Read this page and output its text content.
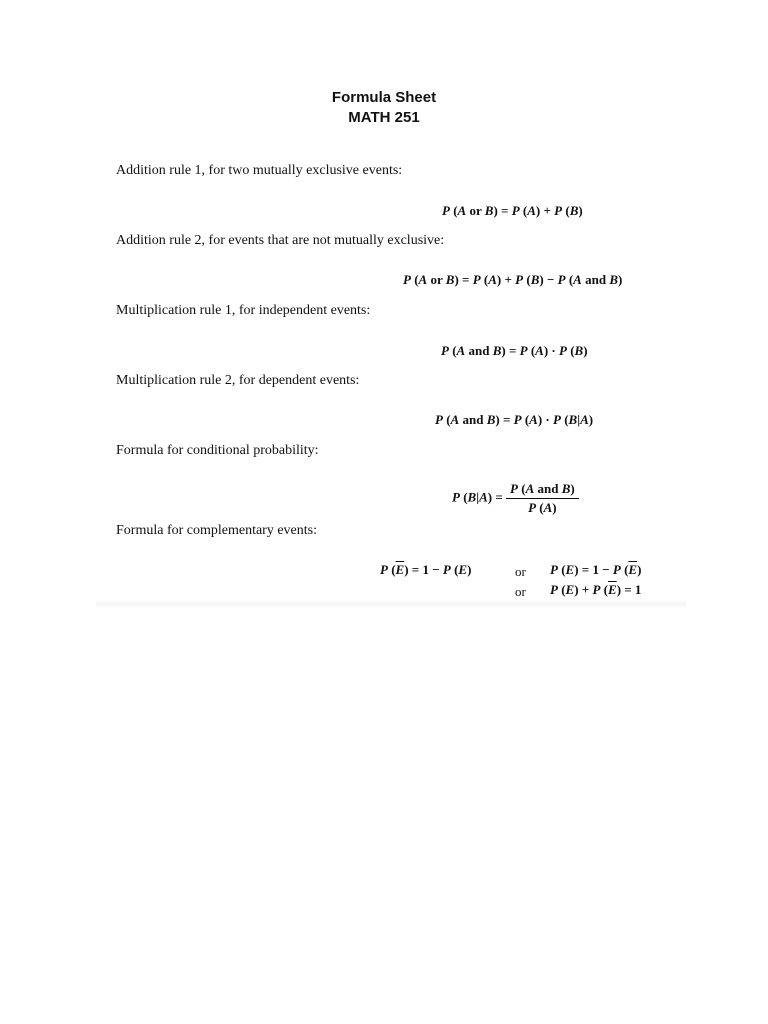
Formula Sheet
MATH 251
Addition rule 1, for two mutually exclusive events:
P (A or B) = P (A) + P (B)
Addition rule 2, for events that are not mutually exclusive:
P (A or B) = P (A) + P (B) − P (A and B)
Multiplication rule 1, for independent events:
P (A and B) = P (A) · P (B)
Multiplication rule 2, for dependent events:
P (A and B) = P (A) · P (B|A)
Formula for conditional probability:
P $(B|A) = \frac{\text{P (A and B)}}{P (A)}$
Formula for complementary events:
P $(\overline{E}) = 1 - P$ (E)	or P (E) = 1 − P $(\overline{E})$
or P (E) + P $(\overline{E}) = 1$
